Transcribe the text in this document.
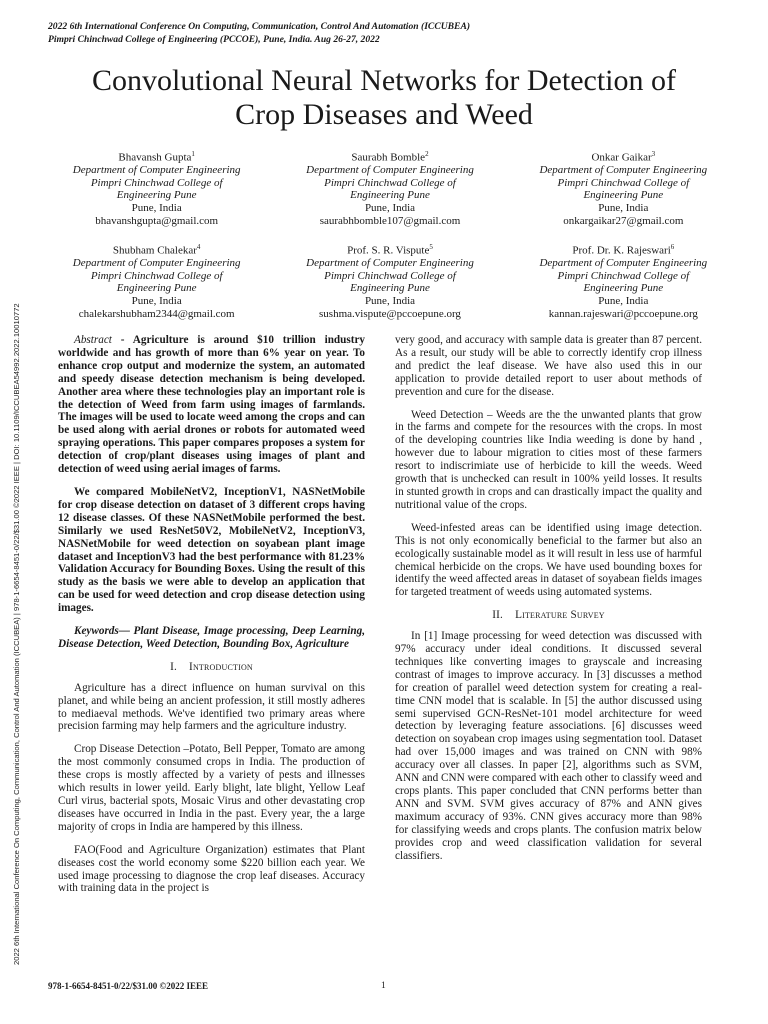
2022 6th International Conference On Computing, Communication, Control And Automation (ICCUBEA)
Pimpri Chinchwad College of Engineering (PCCOE), Pune, India. Aug 26-27, 2022
2022 6th International Conference On Computing, Communication, Control And Automation (ICCUBEA) | 978-1-6654-8451-0/22/$31.00 ©2022 IEEE | DOI: 10.1109/ICCUBEA54992.2022.10010772
Convolutional Neural Networks for Detection of Crop Diseases and Weed
Bhavansh Gupta$^1$
Department of Computer Engineering
Pimpri Chinchwad College of
Engineering Pune
Pune, India
bhavanshgupta@gmail.com
Saurabh Bomble$^2$
Department of Computer Engineering
Pimpri Chinchwad College of
Engineering Pune
Pune, India
saurabhbomble107@gmail.com
Onkar Gaikar$^3$
Department of Computer Engineering
Pimpri Chinchwad College of
Engineering Pune
Pune, India
onkargaikar27@gmail.com
Shubham Chalekar$^4$
Department of Computer Engineering
Pimpri Chinchwad College of
Engineering Pune
Pune, India
chalekarshubham2344@gmail.com
Prof. S. R. Vispute$^5$
Department of Computer Engineering
Pimpri Chinchwad College of
Engineering Pune
Pune, India
sushma.vispute@pccoepune.org
Prof. Dr. K. Rajeswari$^6$
Department of Computer Engineering
Pimpri Chinchwad College of
Engineering Pune
Pune, India
kannan.rajeswari@pccoepune.org

Abstract - Agriculture is around $10 trillion industry worldwide and has growth of more than 6% year on year. To enhance crop output and modernize the system, an automated and speedy disease detection mechanism is being developed. Another area where these technologies play an important role is the detection of Weed from farm using images of farmlands. The images will be used to locate weed among the crops and can be used along with aerial drones or robots for automated weed spraying operations. This paper compares proposes a system for detection of crop/plant diseases using images of plant and detection of weed using aerial images of farms.

We compared MobileNetV2, InceptionV1, NASNetMobile for crop disease detection on dataset of 3 different crops having 12 disease classes. Of these NASNetMobile performed the best. Similarly we used ResNet50V2, MobileNetV2, InceptionV3, NASNetMobile for weed detection on soyabean plant image dataset and InceptionV3 had the best performance with 81.23% Validation Accuracy for Bounding Boxes. Using the result of this study as the basis we were able to develop an application that can be used for weed detection and crop disease detection using images.

Keywords— Plant Disease, Image processing, Deep Learning, Disease Detection, Weed Detection, Bounding Box, Agriculture

I. Introduction

Agriculture has a direct influence on human survival on this planet, and while being an ancient profession, it still mostly adheres to mediaeval methods. We've identified two primary areas where precision farming may help farmers and the agriculture industry.

Crop Disease Detection –Potato, Bell Pepper, Tomato are among the most commonly consumed crops in India. The production of these crops is mostly affected by a variety of pests and illnesses which results in lower yeild. Early blight, late blight, Yellow Leaf Curl virus, bacterial spots, Mosaic Virus and other devastating crop diseases have occurred in India in the past. Every year, the a large majority of crops in India are hampered by this illness.

FAO(Food and Agriculture Organization) estimates that Plant diseases cost the world economy some $220 billion each year. We used image processing to diagnose the crop leaf diseases. Accuracy with training data in the project is

very good, and accuracy with sample data is greater than 87 percent. As a result, our study will be able to correctly identify crop illness and predict the leaf disease. We have also used this in our application to provide detailed report to user about methods of prevention and cure for the disease.

Weed Detection – Weeds are the the unwanted plants that grow in the farms and compete for the resources with the crops. In most of the developing countries like India weeding is done by hand , however due to labour migration to cities most of these farmers resort to indiscrimiate use of herbicide to kill the weeds. Weed growth that is unchecked can result in 100% yeild losses. It results in stunted growth in crops and can drastically impact the quality and nutritional value of the crops.

Weed-infested areas can be identified using image detection. This is not only economically beneficial to the farmer but also an ecologically sustainable model as it will result in less use of harmful chemical herbicide on the crops. We have used bounding boxes for identify the weed affected areas in dataset of soyabean fields images for targeted treatment of weeds using automated systems.

II. Literature Survey

In [1] Image processing for weed detection was discussed with 97% accuracy under ideal conditions. It discussed several techniques like converting images to grayscale and increasing contrast of images to improve accuracy. In [3] discusses a method for creation of parallel weed detection system for creating a real-time CNN model that is scalable. In [5] the author discussed using semi supervised GCN-ResNet-101 model architecture for weed detection by leveraging feature associations. [6] discusses weed detection on soyabean crop images using segmentation tool. Dataset had over 15,000 images and was trained on CNN with 98% accuracy over all classes. In paper [2], algorithms such as SVM, ANN and CNN were compared with each other to classify weed and crops plants. This paper concluded that CNN performs better than ANN and SVM. SVM gives accuracy of 87% and ANN gives maximum accuracy of 93%. CNN gives accuracy more than 98% for classifying weeds and crops plants. The confusion matrix below provides crop and weed classification validation for several classifiers.

978-1-6654-8451-0/22/$31.00 ©2022 IEEE	1
